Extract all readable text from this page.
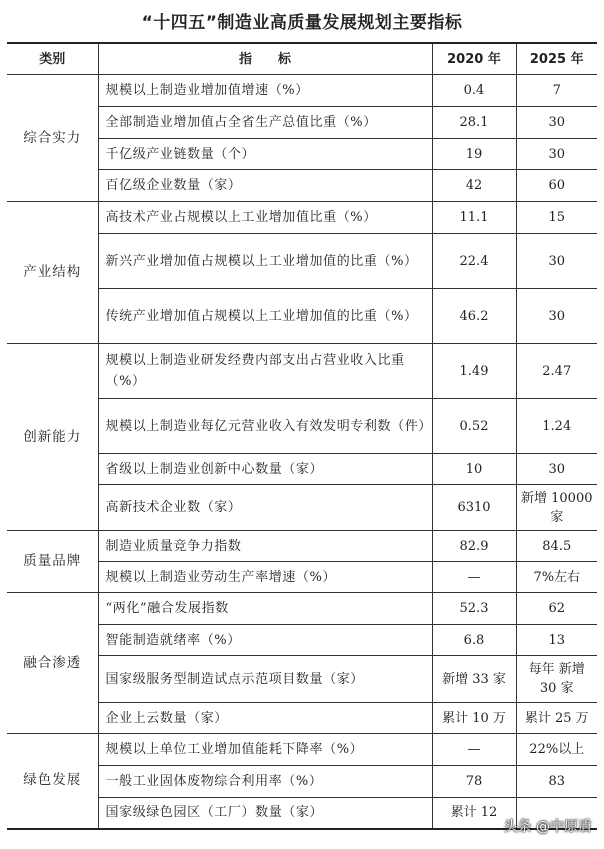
“十四五”制造业高质量发展规划主要指标
类别	指　　标	2020 年	2025 年
综合实力	规模以上制造业增加值增速（%）	0.4	7
	全部制造业增加值占全省生产总值比重（%）	28.1	30
	千亿级产业链数量（个）	19	30
	百亿级企业数量（家）	42	60
产业结构	高技术产业占规模以上工业增加值比重（%）	11.1	15
	新兴产业增加值占规模以上工业增加值的比重（%）	22.4	30
	传统产业增加值占规模以上工业增加值的比重（%）	46.2	30
创新能力	规模以上制造业研发经费内部支出占营业收入比重（%）	1.49	2.47
	规模以上制造业每亿元营业收入有效发明专利数（件）	0.52	1.24
	省级以上制造业创新中心数量（家）	10	30
	高新技术企业数（家）	6310	新增 10000 家
质量品牌	制造业质量竞争力指数	82.9	84.5
	规模以上制造业劳动生产率增速（%）	—	7%左右
融合渗透	“两化”融合发展指数	52.3	62
	智能制造就绪率（%）	6.8	13
	国家级服务型制造试点示范项目数量（家）	新增 33 家	每年 新增 30 家
	企业上云数量（家）	累计 10 万	累计 25 万
绿色发展	规模以上单位工业增加值能耗下降率（%）	—	22%以上
	一般工业固体废物综合利用率（%）	78	83
	国家级绿色园区（工厂）数量（家）	累计 12	
头条 @中原盾
